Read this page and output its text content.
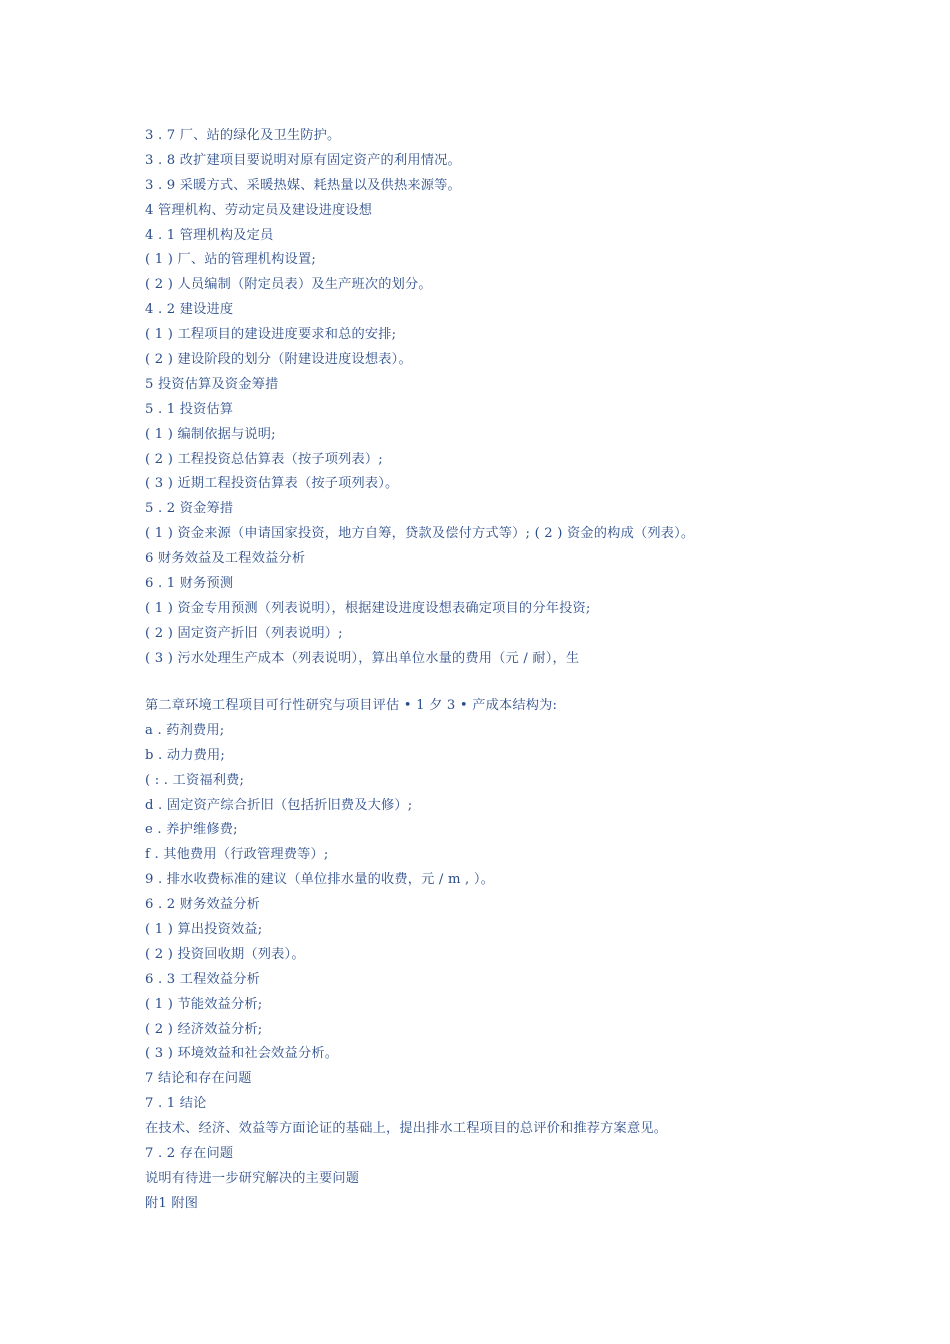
3 . 7 厂、站的绿化及卫生防护。
3 . 8 改扩建项目要说明对原有固定资产的利用情况。
3 . 9 采暖方式、采暖热媒、耗热量以及供热来源等。
4 管理机构、劳动定员及建设进度设想
4 . 1 管理机构及定员
( 1 ) 厂、站的管理机构设置;
( 2 ) 人员编制（附定员表）及生产班次的划分。
4 . 2 建设进度
( 1 ) 工程项目的建设进度要求和总的安排;
( 2 ) 建设阶段的划分（附建设进度设想表）。
5 投资估算及资金筹措
5 . 1 投资估算
( 1 ) 编制依据与说明;
( 2 ) 工程投资总估算表（按子项列表）;
( 3 ) 近期工程投资估算表（按子项列表）。
5 . 2 资金筹措
( 1 ) 资金来源（申请国家投资，地方自筹，贷款及偿付方式等）; ( 2 ) 资金的构成（列表）。
6 财务效益及工程效益分析
6 . 1 财务预测
( 1 ) 资金专用预测（列表说明），根据建设进度设想表确定项目的分年投资;
( 2 ) 固定资产折旧（列表说明）;
( 3 ) 污水处理生产成本（列表说明），算出单位水量的费用（元 / 耐），生
第二章环境工程项目可行性研究与项目评估 • 1 夕 3 • 产成本结构为:
a . 药剂费用;
b . 动力费用;
( : . 工资福利费;
d . 固定资产综合折旧（包括折旧费及大修）;
e . 养护维修费;
f . 其他费用（行政管理费等）;
9 . 排水收费标准的建议（单位排水量的收费，元 / m , ）。
6 . 2 财务效益分析
( 1 ) 算出投资效益;
( 2 ) 投资回收期（列表）。
6 . 3 工程效益分析
( 1 ) 节能效益分析;
( 2 ) 经济效益分析;
( 3 ) 环境效益和社会效益分析。
7 结论和存在问题
7 . 1 结论
在技术、经济、效益等方面论证的基础上，提出排水工程项目的总评价和推荐方案意见。
7 . 2 存在问题
说明有待进一步研究解决的主要问题
附1 附图
